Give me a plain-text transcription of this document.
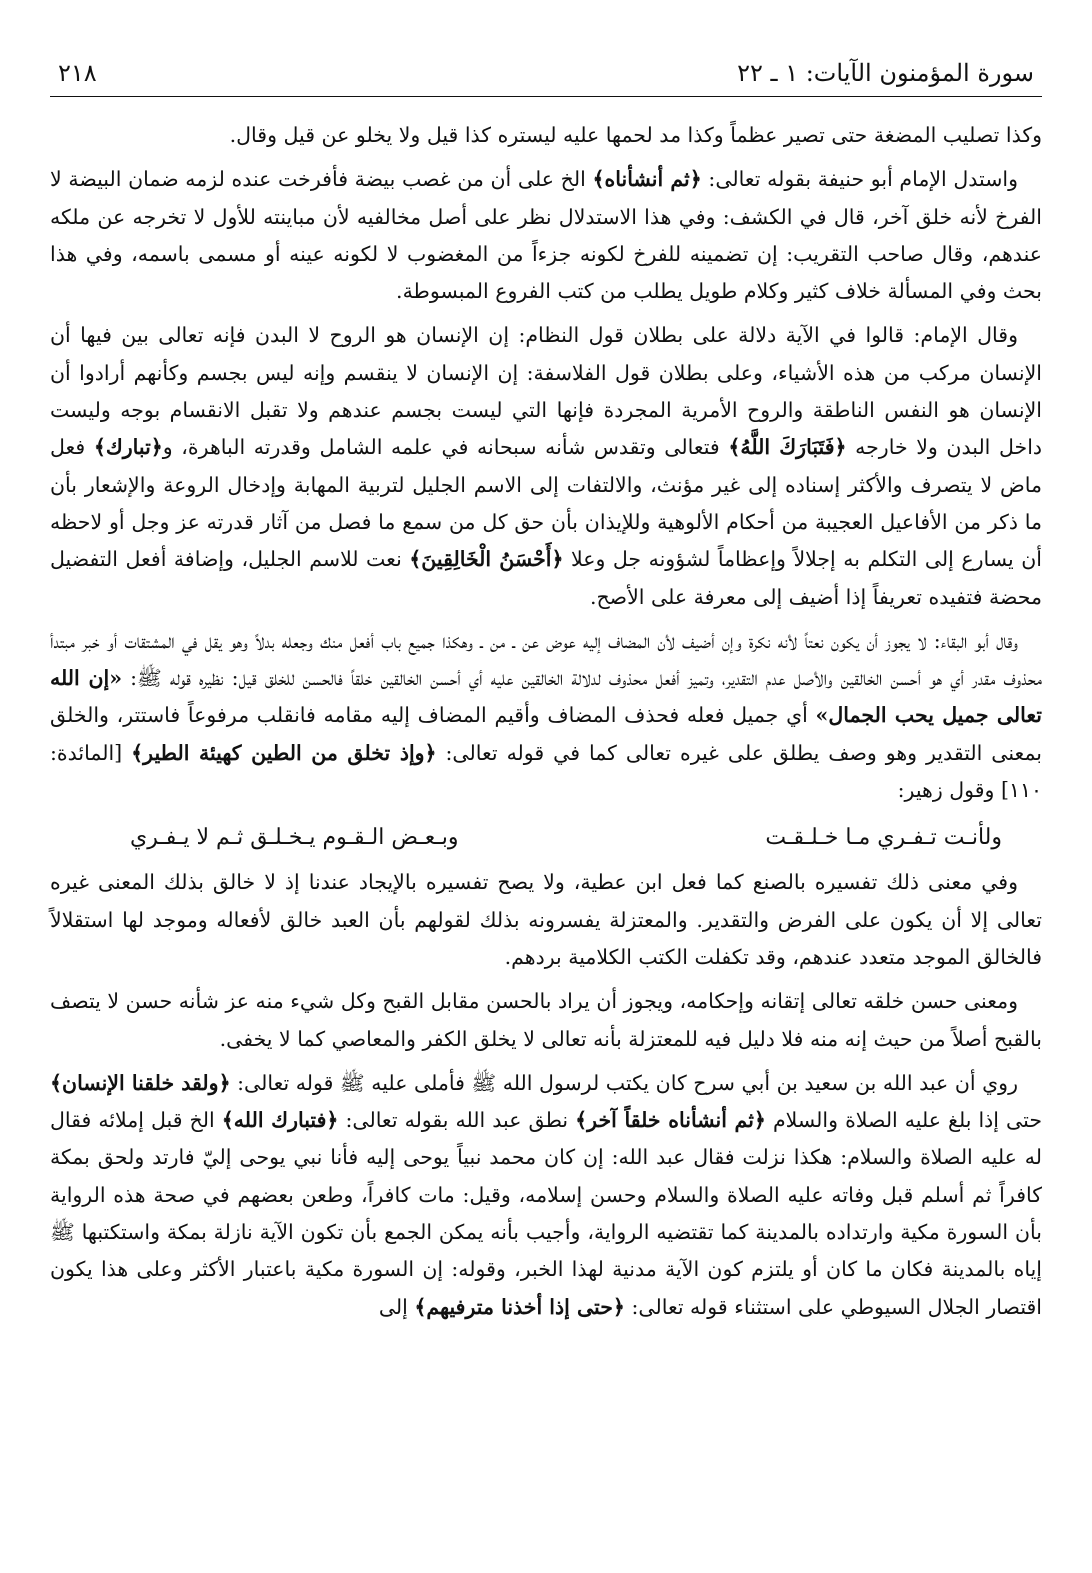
سورة المؤمنون الآيات: ١ ـ ٢٢
٢١٨

وكذا تصليب المضغة حتى تصير عظماً وكذا مد لحمها عليه ليستره كذا قيل ولا يخلو عن قيل وقال.

واستدل الإمام أبو حنيفة بقوله تعالى: ﴿ثم أنشأناه﴾ الخ على أن من غصب بيضة فأفرخت عنده لزمه ضمان البيضة لا الفرخ لأنه خلق آخر، قال في الكشف: وفي هذا الاستدلال نظر على أصل مخالفيه لأن مباينته للأول لا تخرجه عن ملكه عندهم، وقال صاحب التقريب: إن تضمينه للفرخ لكونه جزءاً من المغضوب لا لكونه عينه أو مسمى باسمه، وفي هذا بحث وفي المسألة خلاف كثير وكلام طويل يطلب من كتب الفروع المبسوطة.

وقال الإمام: قالوا في الآية دلالة على بطلان قول النظام: إن الإنسان هو الروح لا البدن فإنه تعالى بين فيها أن الإنسان مركب من هذه الأشياء، وعلى بطلان قول الفلاسفة: إن الإنسان لا ينقسم وإنه ليس بجسم وكأنهم أرادوا أن الإنسان هو النفس الناطقة والروح الأمرية المجردة فإنها التي ليست بجسم عندهم ولا تقبل الانقسام بوجه وليست داخل البدن ولا خارجه ﴿فَتَبَارَكَ اللَّهُ﴾ فتعالى وتقدس شأنه سبحانه في علمه الشامل وقدرته الباهرة، و﴿تبارك﴾ فعل ماض لا يتصرف والأكثر إسناده إلى غير مؤنث، والالتفات إلى الاسم الجليل لتربية المهابة وإدخال الروعة والإشعار بأن ما ذكر من الأفاعيل العجيبة من أحكام الألوهية وللإيذان بأن حق كل من سمع ما فصل من آثار قدرته عز وجل أو لاحظه أن يسارع إلى التكلم به إجلالاً وإعظاماً لشؤونه جل وعلا ﴿أَحْسَنُ الْخَالِقِينَ﴾ نعت للاسم الجليل، وإضافة أفعل التفضيل محضة فتفيده تعريفاً إذا أضيف إلى معرفة على الأصح.

وقال أبو البقاء: لا يجوز أن يكون نعتاً لأنه نكرة وإن أضيف لأن المضاف إليه عوض عن ـ من ـ وهكذا جميع باب أفعل منك وجعله بدلاً وهو يقل في المشتقات أو خبر مبتدأ محذوف مقدر أي هو أحسن الخالقين والأصل عدم التقدير، وتميز أفعل محذوف لدلالة الخالقين عليه أي أحسن الخالقين خلقاً فالحسن للخلق قيل: نظيره قوله ﷺ: «إن الله تعالى جميل يحب الجمال» أي جميل فعله فحذف المضاف وأقيم المضاف إليه مقامه فانقلب مرفوعاً فاستتر، والخلق بمعنى التقدير وهو وصف يطلق على غيره تعالى كما في قوله تعالى: ﴿وإذ تخلق من الطين كهيئة الطير﴾ [المائدة: ١١٠] وقول زهير:

ولأنـت تـفـري مـا خـلـقـت
وبـعـض الـقـوم يـخـلـق ثـم لا يـفـري

وفي معنى ذلك تفسيره بالصنع كما فعل ابن عطية، ولا يصح تفسيره بالإيجاد عندنا إذ لا خالق بذلك المعنى غيره تعالى إلا أن يكون على الفرض والتقدير. والمعتزلة يفسرونه بذلك لقولهم بأن العبد خالق لأفعاله وموجد لها استقلالاً فالخالق الموجد متعدد عندهم، وقد تكفلت الكتب الكلامية بردهم.

ومعنى حسن خلقه تعالى إتقانه وإحكامه، ويجوز أن يراد بالحسن مقابل القبح وكل شيء منه عز شأنه حسن لا يتصف بالقبح أصلاً من حيث إنه منه فلا دليل فيه للمعتزلة بأنه تعالى لا يخلق الكفر والمعاصي كما لا يخفى.

روي أن عبد الله بن سعيد بن أبي سرح كان يكتب لرسول الله ﷺ فأملى عليه ﷺ قوله تعالى: ﴿ولقد خلقنا الإنسان﴾ حتى إذا بلغ عليه الصلاة والسلام ﴿ثم أنشأناه خلقاً آخر﴾ نطق عبد الله بقوله تعالى: ﴿فتبارك الله﴾ الخ قبل إملائه فقال له عليه الصلاة والسلام: هكذا نزلت فقال عبد الله: إن كان محمد نبياً يوحى إليه فأنا نبي يوحى إليّ فارتد ولحق بمكة كافراً ثم أسلم قبل وفاته عليه الصلاة والسلام وحسن إسلامه، وقيل: مات كافراً، وطعن بعضهم في صحة هذه الرواية بأن السورة مكية وارتداده بالمدينة كما تقتضيه الرواية، وأجيب بأنه يمكن الجمع بأن تكون الآية نازلة بمكة واستكتبها ﷺ إياه بالمدينة فكان ما كان أو يلتزم كون الآية مدنية لهذا الخبر، وقوله: إن السورة مكية باعتبار الأكثر وعلى هذا يكون اقتصار الجلال السيوطي على استثناء قوله تعالى: ﴿حتى إذا أخذنا مترفيهم﴾ إلى
